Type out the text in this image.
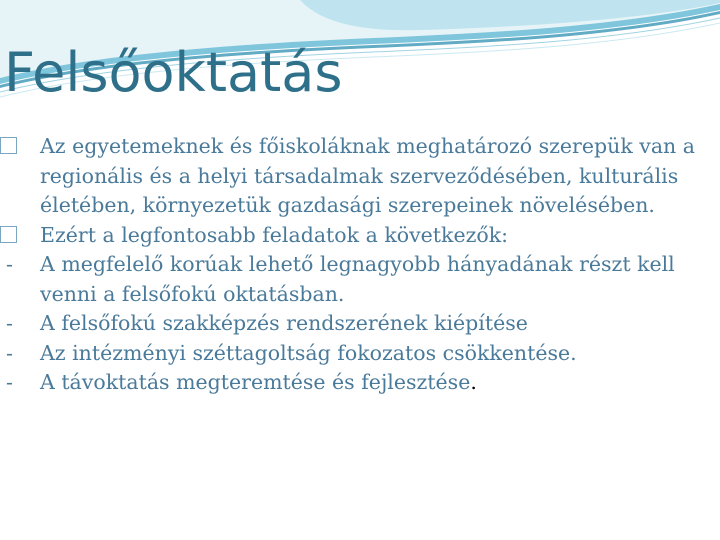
Felsőoktatás

Az egyetemeknek és főiskoláknak meghatározó szerepük van a regionális és a helyi társadalmak szerveződésében, kulturális életében, környezetük gazdasági szerepeinek növelésében.

Ezért a legfontosabb feladatok a következők:

-	A megfelelő korúak lehető legnagyobb hányadának részt kell venni a felsőfokú oktatásban.

-	A felsőfokú szakképzés rendszerének kiépítése

-	Az intézményi széttagoltság fokozatos csökkentése.

-	A távoktatás megteremtése és fejlesztése.
